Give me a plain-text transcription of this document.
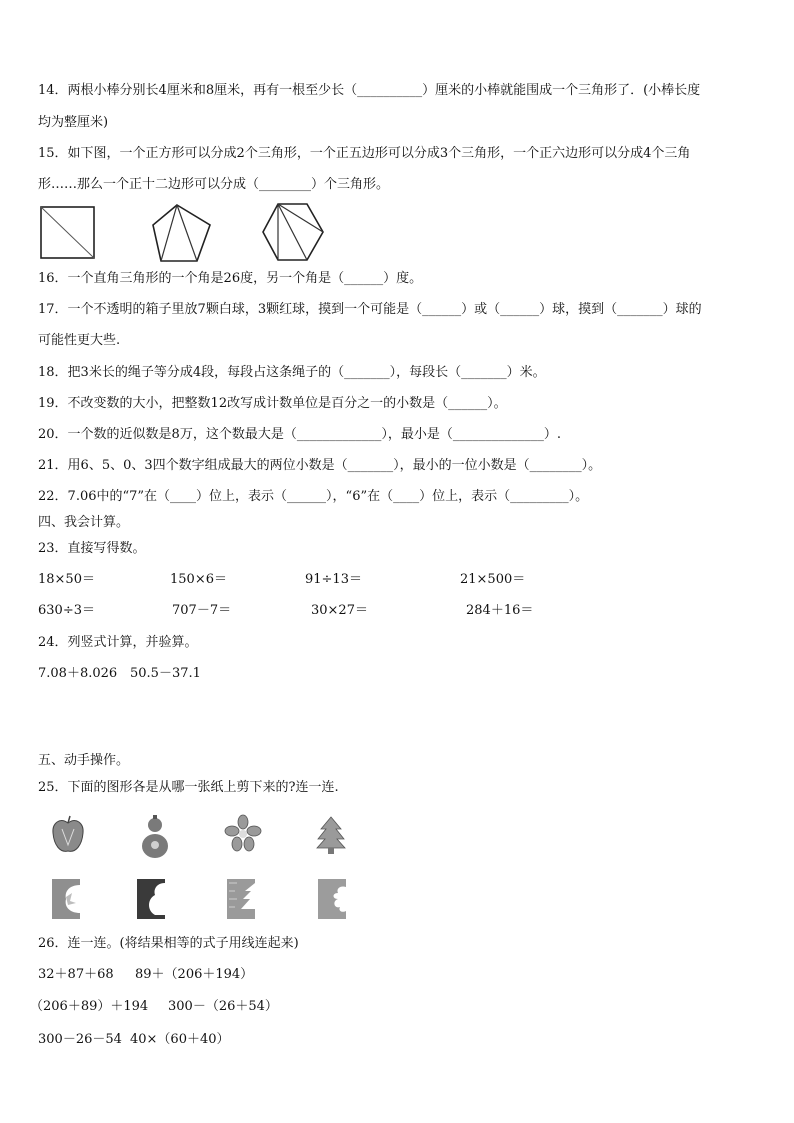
14．两根小棒分别长4厘米和8厘米，再有一根至少长（__________）厘米的小棒就能围成一个三角形了．(小棒长度
均为整厘米)
15．如下图，一个正方形可以分成2个三角形，一个正五边形可以分成3个三角形，一个正六边形可以分成4个三角
形……那么一个正十二边形可以分成（________）个三角形。
16．一个直角三角形的一个角是26度，另一个角是（______）度。
17．一个不透明的箱子里放7颗白球，3颗红球，摸到一个可能是（______）或（______）球，摸到（_______）球的
可能性更大些.
18．把3米长的绳子等分成4段，每段占这条绳子的（_______），每段长（_______）米。
19．不改变数的大小，把整数12改写成计数单位是百分之一的小数是（______）。
20．一个数的近似数是8万，这个数最大是（_____________），最小是（______________）.
21．用6、5、0、3四个数字组成最大的两位小数是（_______），最小的一位小数是（________）。
22．7.06中的“7”在（____）位上，表示（______），“6”在（____）位上，表示（_________）。
四、我会计算。
23．直接写得数。
18×50＝	150×6＝	91÷13＝	21×500＝
630÷3＝	707－7＝	30×27＝	284＋16＝
24．列竖式计算，并验算。
7.08＋8.026 50.5－37.1
五、动手操作。
25．下面的图形各是从哪一张纸上剪下来的?连一连.
26．连一连。(将结果相等的式子用线连起来)
32＋87＋68 89＋（206＋194）
（206＋89）＋194 300－（26＋54）
300－26－54 40×（60＋40）
